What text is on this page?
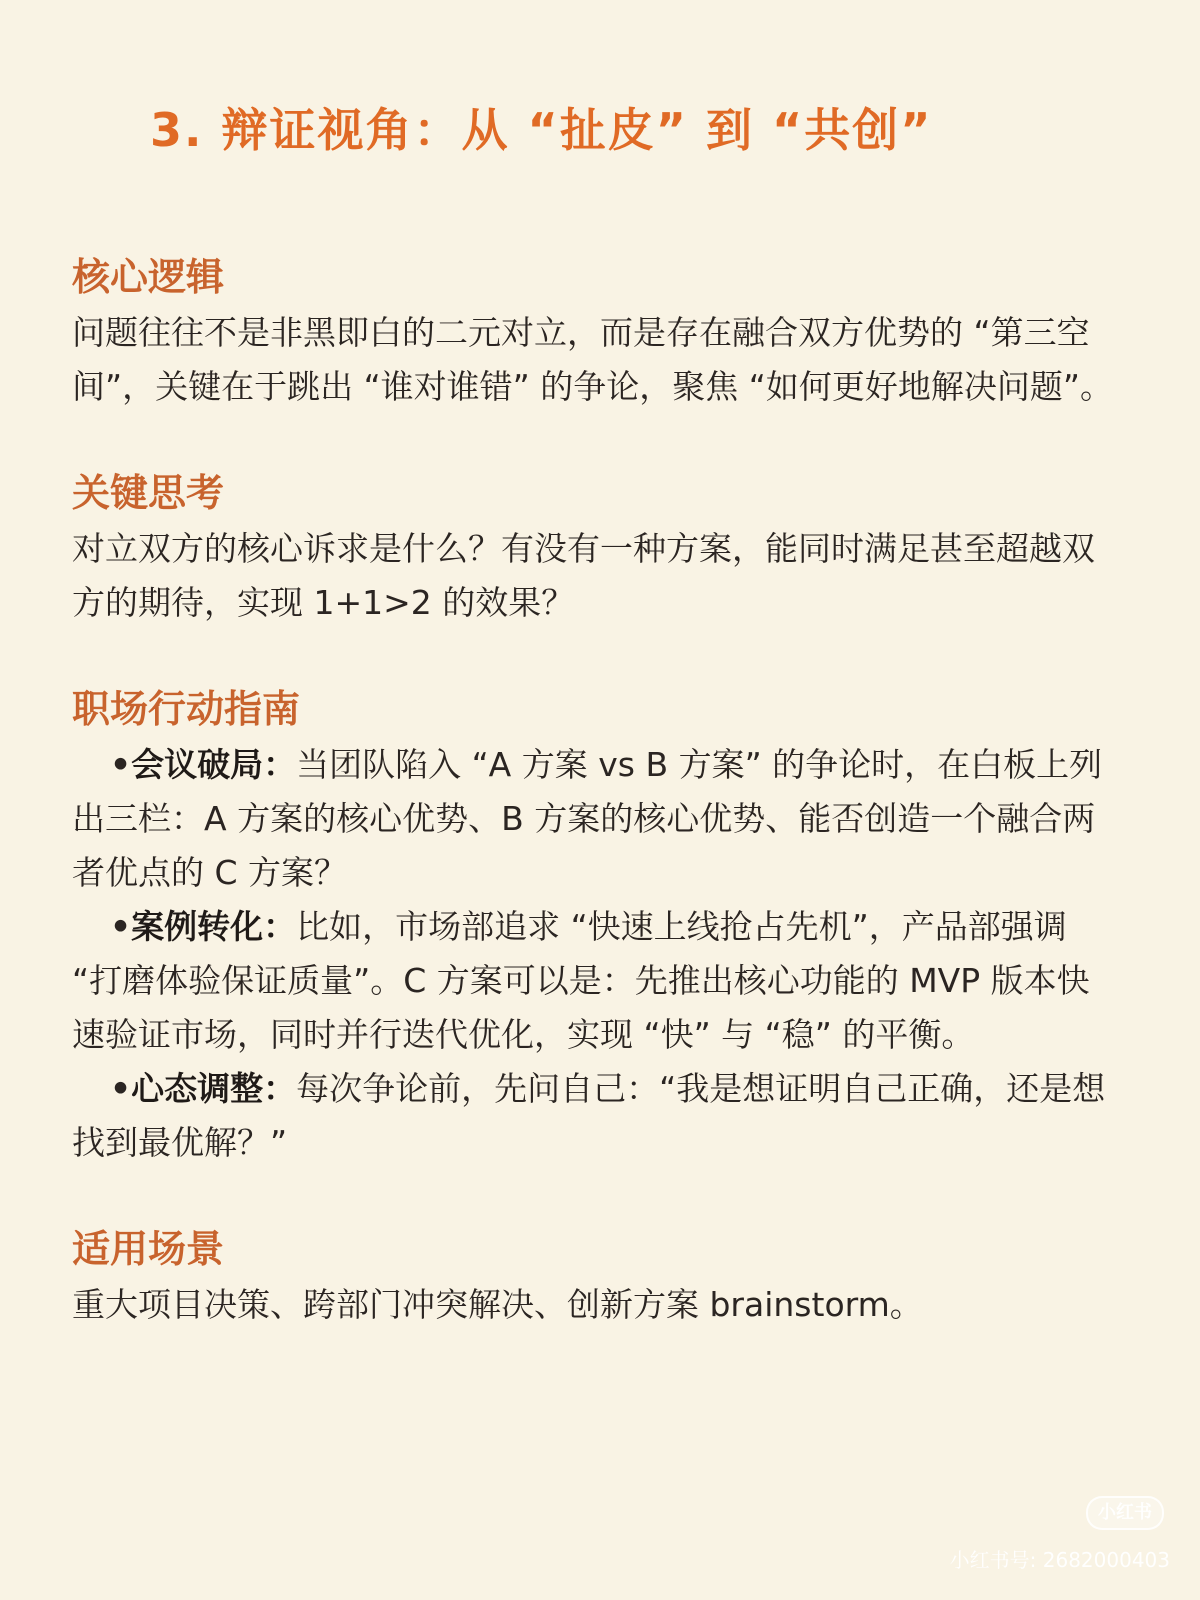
3. 辩证视角：从 “扯皮” 到 “共创”
核心逻辑

问题往往不是非黑即白的二元对立，而是存在融合双方优势的 “第三空间”，关键在于跳出 “谁对谁错” 的争论，聚焦 “如何更好地解决问题”。

关键思考

对立双方的核心诉求是什么？有没有一种方案，能同时满足甚至超越双方的期待，实现 1+1>2 的效果？

职场行动指南

•会议破局：当团队陷入 “A 方案 vs B 方案” 的争论时，在白板上列出三栏：A 方案的核心优势、B 方案的核心优势、能否创造一个融合两者优点的 C 方案？

•案例转化：比如，市场部追求 “快速上线抢占先机”，产品部强调 “打磨体验保证质量”。C 方案可以是：先推出核心功能的 MVP 版本快速验证市场，同时并行迭代优化，实现 “快” 与 “稳” 的平衡。

•心态调整：每次争论前，先问自己：“我是想证明自己正确，还是想找到最优解？”

适用场景

重大项目决策、跨部门冲突解决、创新方案 brainstorm。

小红书
小红书号: 2682000403
